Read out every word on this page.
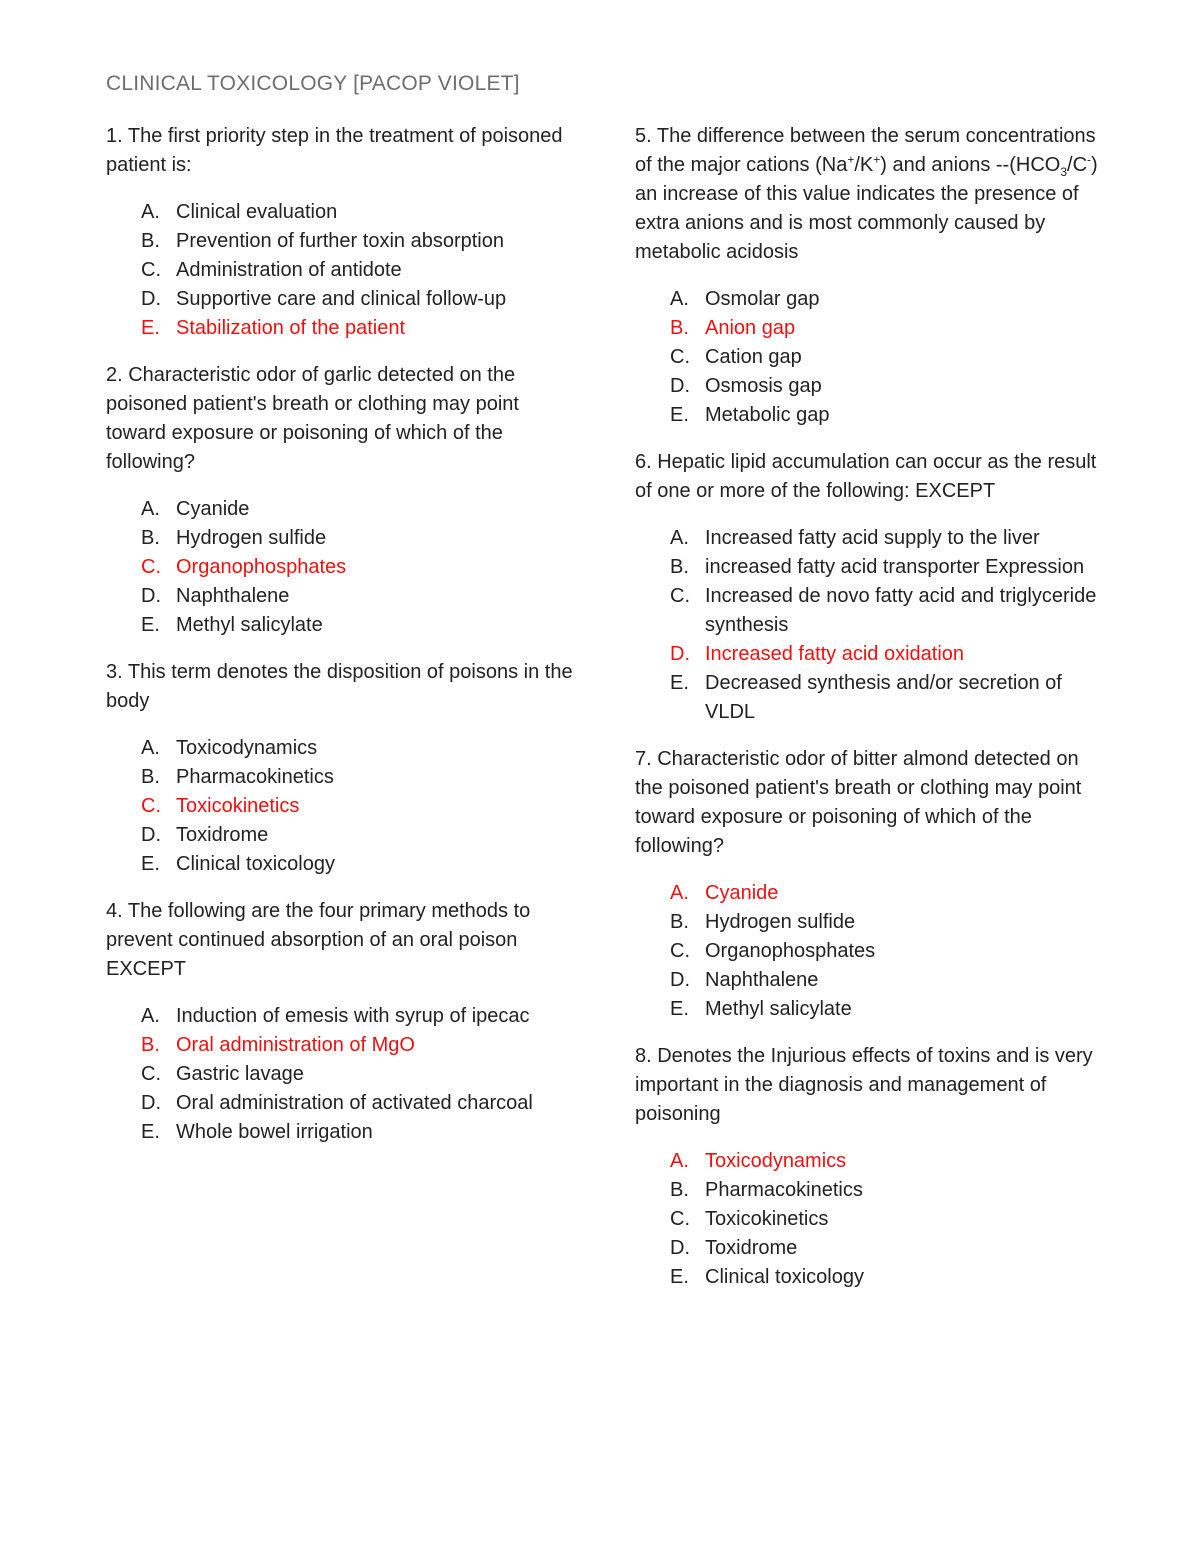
CLINICAL TOXICOLOGY [PACOP VIOLET]

1. The first priority step in the treatment of poisoned patient is:

A. Clinical evaluation
B. Prevention of further toxin absorption
C. Administration of antidote
D. Supportive care and clinical follow-up
E. Stabilization of the patient

2. Characteristic odor of garlic detected on the poisoned patient's breath or clothing may point toward exposure or poisoning of which of the following?

A. Cyanide
B. Hydrogen sulfide
C. Organophosphates
D. Naphthalene
E. Methyl salicylate

3. This term denotes the disposition of poisons in the body

A. Toxicodynamics
B. Pharmacokinetics
C. Toxicokinetics
D. Toxidrome
E. Clinical toxicology

4. The following are the four primary methods to prevent continued absorption of an oral poison EXCEPT

A. Induction of emesis with syrup of ipecac
B. Oral administration of MgO
C. Gastric lavage
D. Oral administration of activated charcoal
E. Whole bowel irrigation

5. The difference between the serum concentrations of the major cations (Na+/K+) and anions $--(HCO_3/C^-)$ an increase of this value indicates the presence of extra anions and is most commonly caused by metabolic acidosis

A. Osmolar gap
B. Anion gap
C. Cation gap
D. Osmosis gap
E. Metabolic gap

6. Hepatic lipid accumulation can occur as the result of one or more of the following: EXCEPT

A. Increased fatty acid supply to the liver
B. increased fatty acid transporter Expression
C. Increased de novo fatty acid and triglyceride synthesis
D. Increased fatty acid oxidation
E. Decreased synthesis and/or secretion of VLDL

7. Characteristic odor of bitter almond detected on the poisoned patient's breath or clothing may point toward exposure or poisoning of which of the following?

A. Cyanide
B. Hydrogen sulfide
C. Organophosphates
D. Naphthalene
E. Methyl salicylate

8. Denotes the Injurious effects of toxins and is very important in the diagnosis and management of poisoning

A. Toxicodynamics
B. Pharmacokinetics
C. Toxicokinetics
D. Toxidrome
E. Clinical toxicology
